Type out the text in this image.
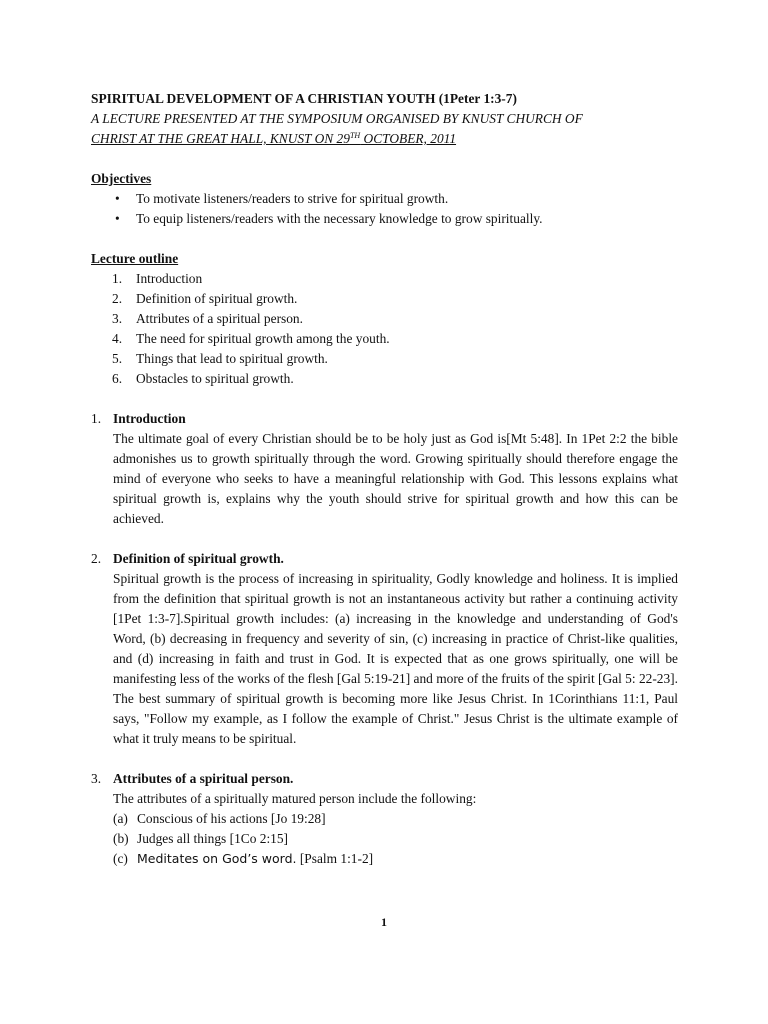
SPIRITUAL DEVELOPMENT OF A CHRISTIAN YOUTH (1Peter 1:3-7)
A LECTURE PRESENTED AT THE SYMPOSIUM ORGANISED BY KNUST CHURCH OF
CHRIST AT THE GREAT HALL, KNUST ON 29TH OCTOBER, 2011
Objectives
• To motivate listeners/readers to strive for spiritual growth.
• To equip listeners/readers with the necessary knowledge to grow spiritually.
Lecture outline
1. Introduction
2. Definition of spiritual growth.
3. Attributes of a spiritual person.
4. The need for spiritual growth among the youth.
5. Things that lead to spiritual growth.
6. Obstacles to spiritual growth.
1. Introduction

The ultimate goal of every Christian should be to be holy just as God is[Mt 5:48]. In 1Pet 2:2 the bible admonishes us to growth spiritually through the word. Growing spiritually should therefore engage the mind of everyone who seeks to have a meaningful relationship with God. This lessons explains what spiritual growth is, explains why the youth should strive for spiritual growth and how this can be achieved.

2. Definition of spiritual growth.

Spiritual growth is the process of increasing in spirituality, Godly knowledge and holiness. It is implied from the definition that spiritual growth is not an instantaneous activity but rather a continuing activity [1Pet 1:3-7].Spiritual growth includes: (a) increasing in the knowledge and understanding of God's Word, (b) decreasing in frequency and severity of sin, (c) increasing in practice of Christ-like qualities, and (d) increasing in faith and trust in God. It is expected that as one grows spiritually, one will be manifesting less of the works of the flesh [Gal 5:19-21] and more of the fruits of the spirit [Gal 5: 22-23]. The best summary of spiritual growth is becoming more like Jesus Christ. In 1Corinthians 11:1, Paul says, "Follow my example, as I follow the example of Christ." Jesus Christ is the ultimate example of what it truly means to be spiritual.

3. Attributes of a spiritual person.

The attributes of a spiritually matured person include the following:

(a) Conscious of his actions [Jo 19:28]
(b) Judges all things [1Co 2:15]
(c) Meditates on God’s word. [Psalm 1:1-2]
1
